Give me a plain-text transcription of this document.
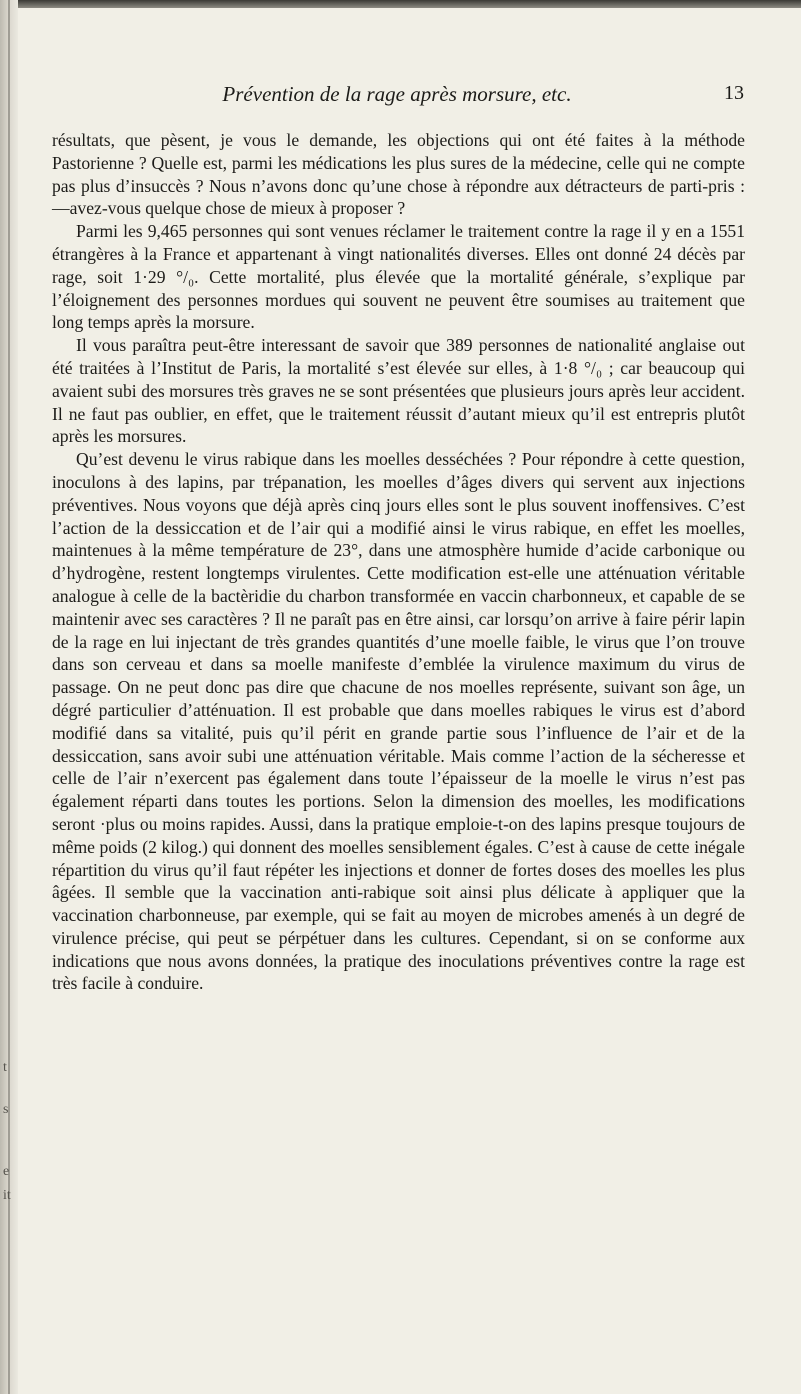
t
s
e
it
Prévention de la rage après morsure, etc.	13

résultats, que pèsent, je vous le demande, les objections qui ont été faites à la méthode Pastorienne ? Quelle est, parmi les médications les plus sures de la médecine, celle qui ne compte pas plus d’insuccès ? Nous n’avons donc qu’une chose à répondre aux détracteurs de parti-pris :—avez-vous quelque chose de mieux à proposer ?

Parmi les 9,465 personnes qui sont venues réclamer le traitement contre la rage il y en a 1551 étrangères à la France et appartenant à vingt nationalités diverses. Elles ont donné 24 décès par rage, soit 1·29 °/₀. Cette mortalité, plus élevée que la mortalité générale, s’explique par l’éloignement des personnes mordues qui souvent ne peuvent être soumises au traitement que long temps après la morsure.

Il vous paraîtra peut-être interessant de savoir que 389 personnes de nationalité anglaise out été traitées à l’Institut de Paris, la mortalité s’est élevée sur elles, à 1·8 °/₀ ; car beaucoup qui avaient subi des morsures très graves ne se sont présentées que plusieurs jours après leur accident. Il ne faut pas oublier, en effet, que le traitement réussit d’autant mieux qu’il est entrepris plutôt après les morsures.

Qu’est devenu le virus rabique dans les moelles desséchées ? Pour répondre à cette question, inoculons à des lapins, par trépanation, les moelles d’âges divers qui servent aux injections préventives. Nous voyons que déjà après cinq jours elles sont le plus souvent inoffensives. C’est l’action de la dessiccation et de l’air qui a modifié ainsi le virus rabique, en effet les moelles, maintenues à la même température de 23°, dans une atmosphère humide d’acide carbonique ou d’hydrogène, restent longtemps virulentes. Cette modification est-elle une atténuation véritable analogue à celle de la bactèridie du charbon transformée en vaccin charbonneux, et capable de se maintenir avec ses caractères ? Il ne paraît pas en être ainsi, car lorsqu’on arrive à faire périr lapin de la rage en lui injectant de très grandes quantités d’une moelle faible, le virus que l’on trouve dans son cerveau et dans sa moelle manifeste d’emblée la virulence maximum du virus de passage. On ne peut donc pas dire que chacune de nos moelles représente, suivant son âge, un dégré particulier d’atténuation. Il est probable que dans moelles rabiques le virus est d’abord modifié dans sa vitalité, puis qu’il périt en grande partie sous l’influence de l’air et de la dessiccation, sans avoir subi une atténuation véritable. Mais comme l’action de la sécheresse et celle de l’air n’exercent pas également dans toute l’épaisseur de la moelle le virus n’est pas également réparti dans toutes les portions. Selon la dimension des moelles, les modifications seront ·plus ou moins rapides. Aussi, dans la pratique emploie-t-on des lapins presque toujours de même poids (2 kilog.) qui donnent des moelles sensiblement égales. C’est à cause de cette inégale répartition du virus qu’il faut répéter les injections et donner de fortes doses des moelles les plus âgées. Il semble que la vaccination anti-rabique soit ainsi plus délicate à appliquer que la vaccination charbonneuse, par exemple, qui se fait au moyen de microbes amenés à un degré de virulence précise, qui peut se pérpétuer dans les cultures. Cependant, si on se conforme aux indications que nous avons données, la pratique des inoculations préventives contre la rage est très facile à conduire.
